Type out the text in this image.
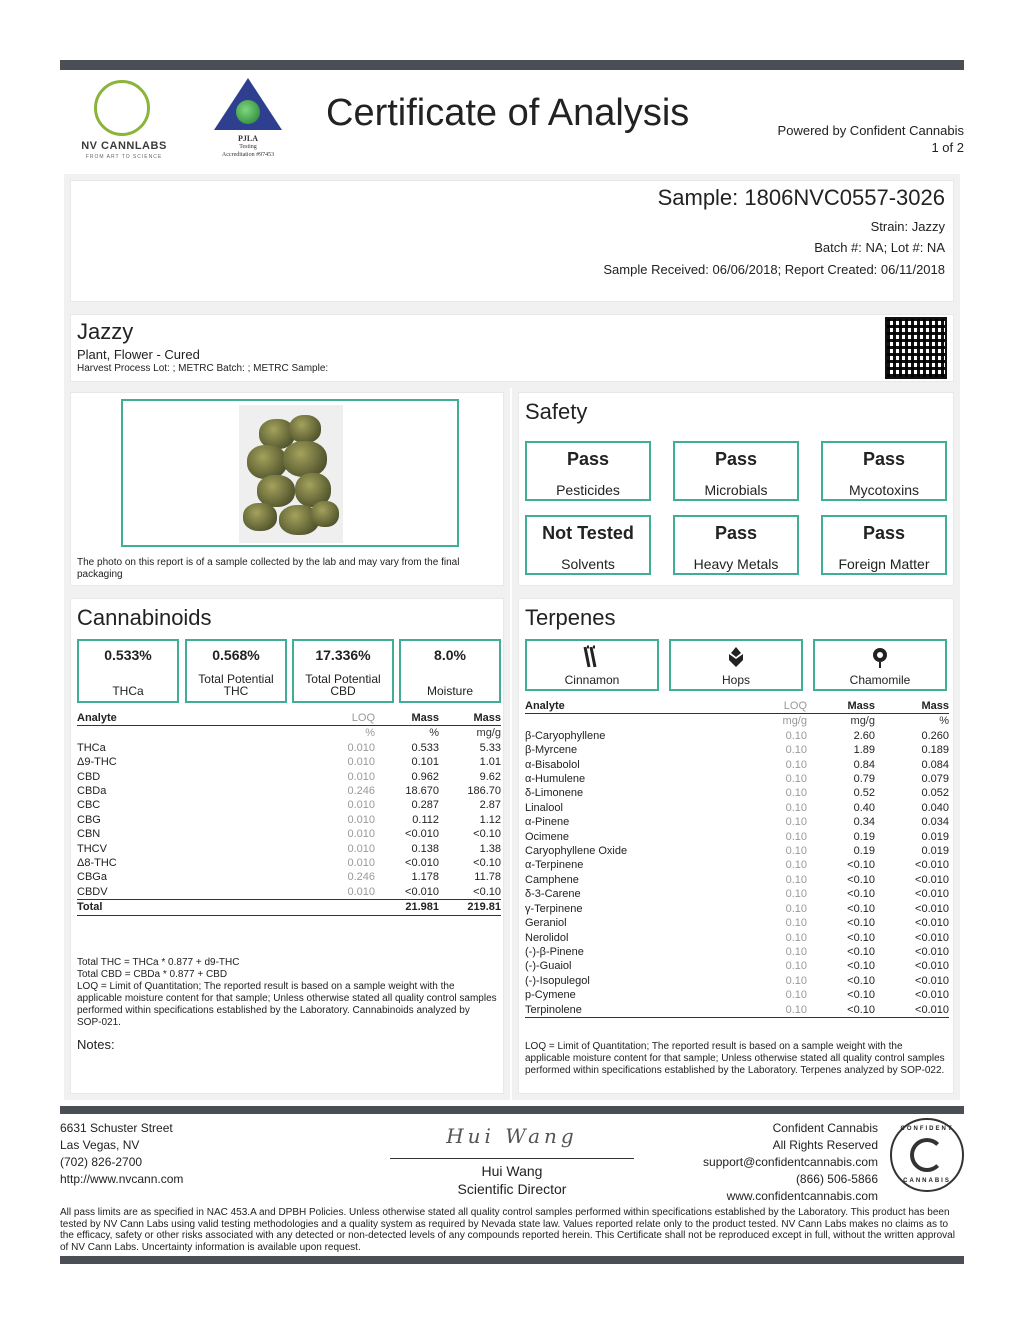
NV CANNLABS
FROM ART TO SCIENCE
PJLA
Testing
Accreditation #97453
Certificate of Analysis	Powered by Confident Cannabis
1 of 2
Sample: 1806NVC0557-3026
Strain: Jazzy
Batch #: NA; Lot #: NA
Sample Received: 06/06/2018; Report Created: 06/11/2018
Jazzy
Plant, Flower - Cured
Harvest Process Lot: ; METRC Batch: ; METRC Sample:
The photo on this report is of a sample collected by the lab and may vary from the final packaging
Safety
Pass
Pesticides
Pass
Microbials
Pass
Mycotoxins
Not Tested
Solvents
Pass
Heavy Metals
Pass
Foreign Matter
Cannabinoids
0.533%
THCa
0.568%
Total Potential THC
17.336%
Total Potential CBD
8.0%
Moisture
Analyte	LOQ	Mass	Mass
	%	%	mg/g
THCa	0.010	0.533	5.33
Δ9-THC	0.010	0.101	1.01
CBD	0.010	0.962	9.62
CBDa	0.246	18.670	186.70
CBC	0.010	0.287	2.87
CBG	0.010	0.112	1.12
CBN	0.010	<0.010	<0.10
THCV	0.010	0.138	1.38
Δ8-THC	0.010	<0.010	<0.10
CBGa	0.246	1.178	11.78
CBDV	0.010	<0.010	<0.10
Total		21.981	219.81
Total THC = THCa * 0.877 + d9-THC
Total CBD = CBDa * 0.877 + CBD
LOQ = Limit of Quantitation; The reported result is based on a sample weight with the applicable moisture content for that sample; Unless otherwise stated all quality control samples performed within specifications established by the Laboratory. Cannabinoids analyzed by SOP-021.
Notes:
Terpenes
Cinnamon	Hops	Chamomile
Analyte	LOQ	Mass	Mass
	mg/g	mg/g	%
β-Caryophyllene	0.10	2.60	0.260
β-Myrcene	0.10	1.89	0.189
α-Bisabolol	0.10	0.84	0.084
α-Humulene	0.10	0.79	0.079
δ-Limonene	0.10	0.52	0.052
Linalool	0.10	0.40	0.040
α-Pinene	0.10	0.34	0.034
Ocimene	0.10	0.19	0.019
Caryophyllene Oxide	0.10	0.19	0.019
α-Terpinene	0.10	<0.10	<0.010
Camphene	0.10	<0.10	<0.010
δ-3-Carene	0.10	<0.10	<0.010
γ-Terpinene	0.10	<0.10	<0.010
Geraniol	0.10	<0.10	<0.010
Nerolidol	0.10	<0.10	<0.010
(-)-β-Pinene	0.10	<0.10	<0.010
(-)-Guaiol	0.10	<0.10	<0.010
(-)-Isopulegol	0.10	<0.10	<0.010
p-Cymene	0.10	<0.10	<0.010
Terpinolene	0.10	<0.10	<0.010
LOQ = Limit of Quantitation; The reported result is based on a sample weight with the applicable moisture content for that sample; Unless otherwise stated all quality control samples performed within specifications established by the Laboratory. Terpenes analyzed by SOP-022.
6631 Schuster Street
Las Vegas, NV
(702) 826-2700
http://www.nvcann.com
Hui Wang
Hui Wang
Scientific Director
Confident Cannabis
All Rights Reserved
support@confidentcannabis.com
(866) 506-5866
www.confidentcannabis.com
CONFIDENT
CANNABIS
All pass limits are as specified in NAC 453.A and DPBH Policies. Unless otherwise stated all quality control samples performed within specifications established by the Laboratory. This product has been tested by NV Cann Labs using valid testing methodologies and a quality system as required by Nevada state law. Values reported relate only to the product tested. NV Cann Labs makes no claims as to the efficacy, safety or other risks associated with any detected or non-detected levels of any compounds reported herein. This Certificate shall not be reproduced except in full, without the written approval of NV Cann Labs. Uncertainty information is available upon request.
